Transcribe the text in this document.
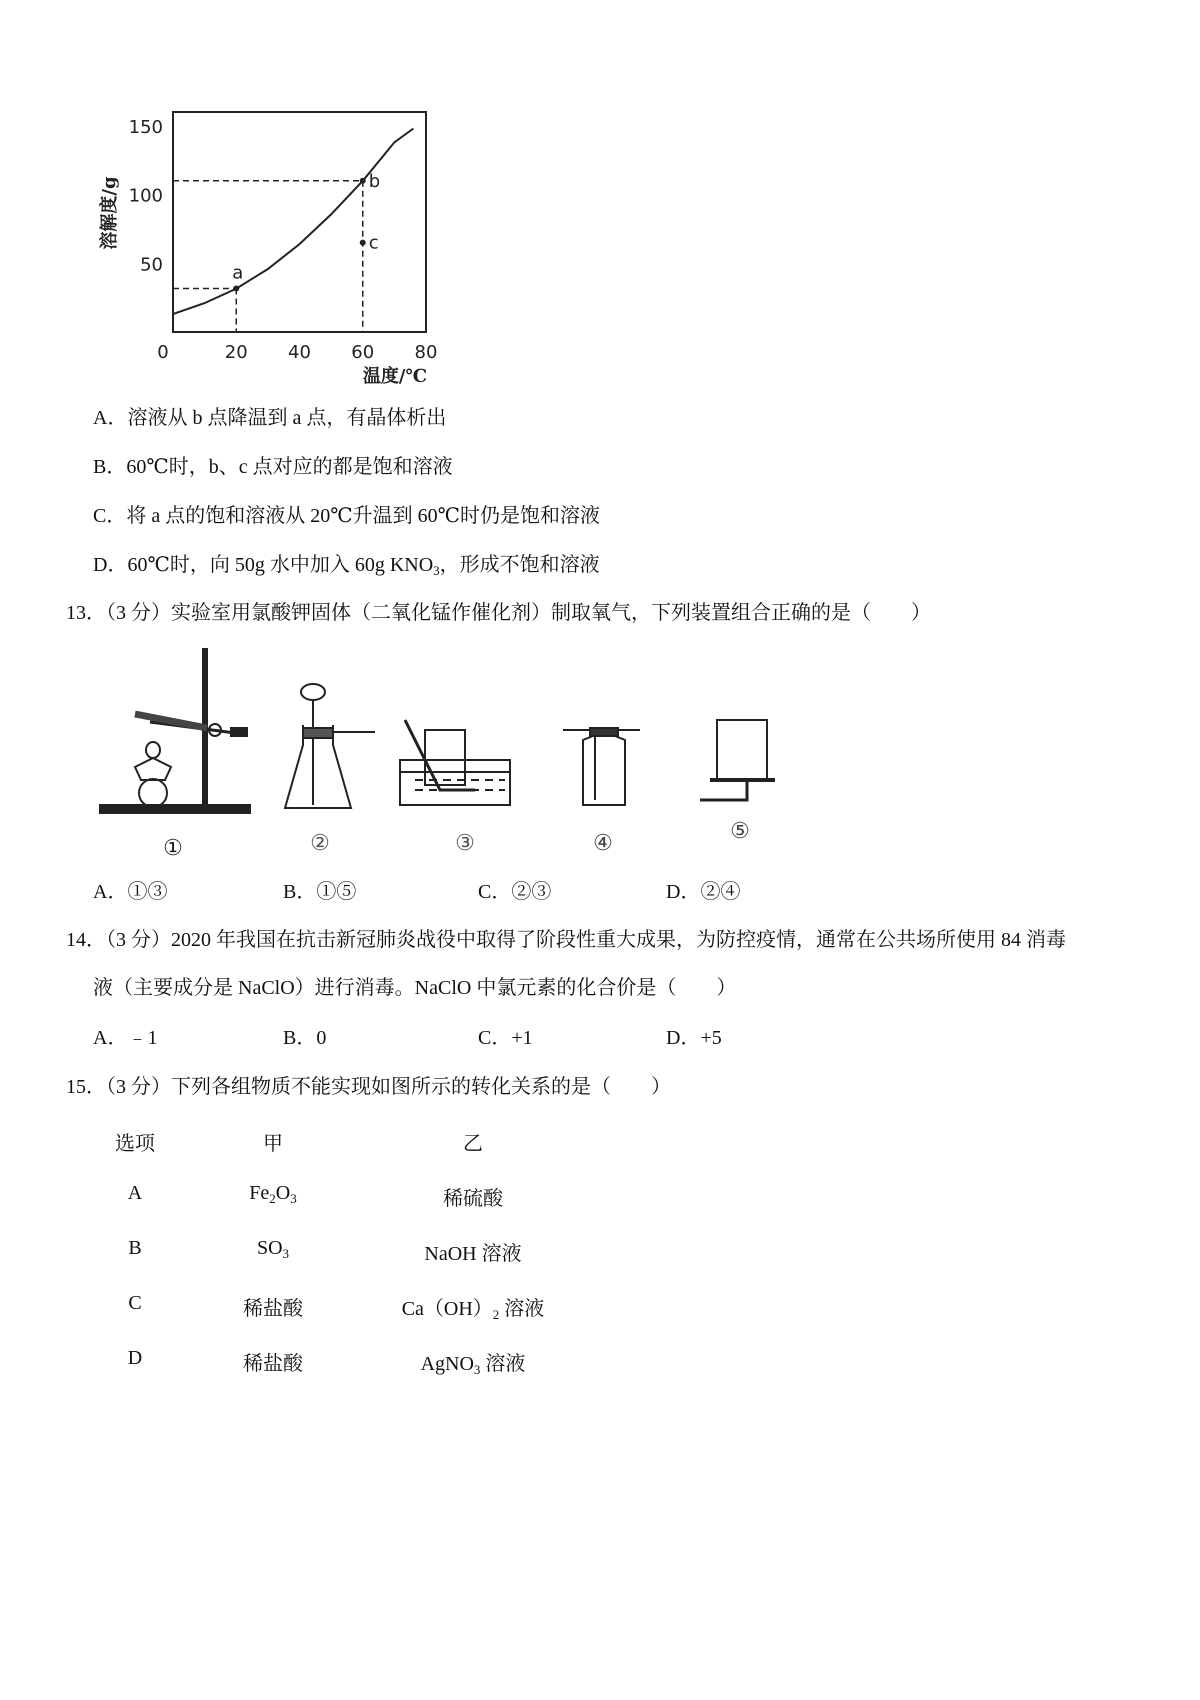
150
100
50
0	20 40 60 80
a
b
c
溶解度/g
温度/℃
A．溶液从 b 点降温到 a 点，有晶体析出
B．60℃时，b、c 点对应的都是饱和溶液
C．将 a 点的饱和溶液从 20℃升温到 60℃时仍是饱和溶液
D．60℃时，向 50g 水中加入 60g $KNO_3$，形成不饱和溶液
13．（3 分）实验室用氯酸钾固体（二氧化锰作催化剂）制取氧气，下列装置组合正确的是（　　）
①	②	③	④	⑤
A．①③	B．①⑤	C．②③	D．②④
14．（3 分）2020 年我国在抗击新冠肺炎战役中取得了阶段性重大成果，为防控疫情，通常在公共场所使用 84 消毒
液（主要成分是 NaClO）进行消毒。NaClO 中氯元素的化合价是（　　）
A．﹣1	B．0	C．+1	D．+5
15．（3 分）下列各组物质不能实现如图所示的转化关系的是（　　）
选项	甲	乙
A	$Fe_2O_3$	稀硫酸
B	$SO_3$	NaOH 溶液
C	稀盐酸	$Ca(OH)_2$ 溶液
D	稀盐酸	AgNO$_3$ 溶液
